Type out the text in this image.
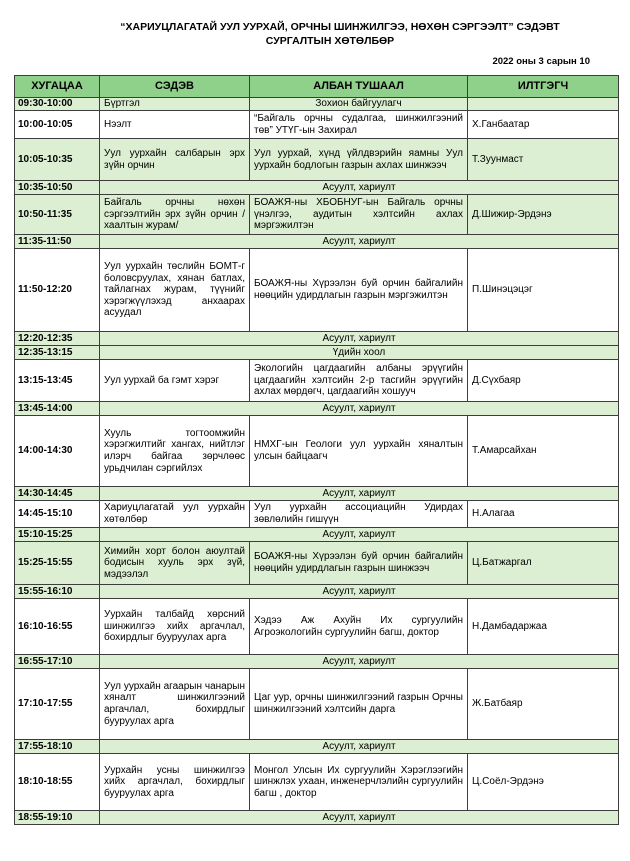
“ХАРИУЦЛАГАТАЙ УУЛ УУРХАЙ, ОРЧНЫ ШИНЖИЛГЭЭ, НӨХӨН СЭРГЭЭЛТ” СЭДЭВТ
СУРГАЛТЫН ХӨТӨЛБӨР
2022 оны 3 сарын 10
ХУГАЦАА	СЭДЭВ	АЛБАН ТУШААЛ	ИЛТГЭГЧ
09:30-10:00	Бүртгэл	Зохион байгуулагч	
10:00-10:05	Нээлт	“Байгаль орчны судалгаа, шинжилгээний төв” УТҮГ-ын Захирал	Х.Ганбаатар
10:05-10:35	Уул уурхайн салбарын эрх зүйн орчин	Уул уурхай, хүнд үйлдвэрийн яамны Уул уурхайн бодлогын газрын ахлах шинжээч	Т.Зуунмаст
10:35-10:50	Асуулт, хариулт		
10:50-11:35	Байгаль орчны нөхөн сэргээлтийн эрх зүйн орчин /хаалтын журам/	БОАЖЯ-ны ХБОБНУГ-ын Байгаль орчны үнэлгээ, аудитын хэлтсийн ахлах мэргэжилтэн	Д.Шижир-Эрдэнэ
11:35-11:50	Асуулт, хариулт		
11:50-12:20	Уул уурхайн төслийн БОМТ-г боловсруулах, хянан батлах, тайлагнах журам, түүнийг хэрэгжүүлэхэд анхаарах асуудал	БОАЖЯ-ны Хүрээлэн буй орчин байгалийн нөөцийн удирдлагын газрын мэргэжилтэн	П.Шинэцэцэг
12:20-12:35	Асуулт, хариулт		
12:35-13:15	Үдийн хоол		
13:15-13:45	Уул уурхай ба гэмт хэрэг	Экологийн цагдаагийн албаны эрүүгийн цагдаагийн хэлтсийн 2-р тасгийн эрүүгийн ахлах мөрдөгч, цагдаагийн хошууч	Д.Сүхбаяр
13:45-14:00	Асуулт, хариулт		
14:00-14:30	Хууль тогтоомжийн хэрэгжилтийг хангах, нийтлэг илэрч байгаа зөрчлөөс урьдчилан сэргийлэх	НМХГ-ын Геологи уул уурхайн хяналтын улсын байцаагч	Т.Амарсайхан
14:30-14:45	Асуулт, хариулт		
14:45-15:10	Хариуцлагатай уул уурхайн хөтөлбөр	Уул уурхайн ассоциацийн Удирдах зөвлөлийн гишүүн	Н.Алагаа
15:10-15:25	Асуулт, хариулт		
15:25-15:55	Химийн хорт болон аюултай бодисын хууль эрх зүй, мэдээлэл	БОАЖЯ-ны Хүрээлэн буй орчин байгалийн нөөцийн удирдлагын газрын шинжээч	Ц.Батжаргал
15:55-16:10	Асуулт, хариулт		
16:10-16:55	Уурхайн талбайд хөрсний шинжилгээ хийх аргачлал, бохирдлыг бууруулах арга	Хэдээ Аж Ахуйн Их сургуулийн Агроэкологийн сургуулийн багш, доктор	Н.Дамбадаржаа
16:55-17:10	Асуулт, хариулт		
17:10-17:55	Уул уурхайн агаарын чанарын хяналт шинжилгээний аргачлал, бохирдлыг бууруулах арга	Цаг уур, орчны шинжилгээний газрын Орчны шинжилгээний хэлтсийн дарга	Ж.Батбаяр
17:55-18:10	Асуулт, хариулт		
18:10-18:55	Уурхайн усны шинжилгээ хийх аргачлал, бохирдлыг бууруулах арга	Монгол Улсын Их сургуулийн Хэрэглээгийн шинжлэх ухаан, инженерчлэлийн сургуулийн багш , доктор	Ц.Соёл-Эрдэнэ
18:55-19:10	Асуулт, хариулт		
